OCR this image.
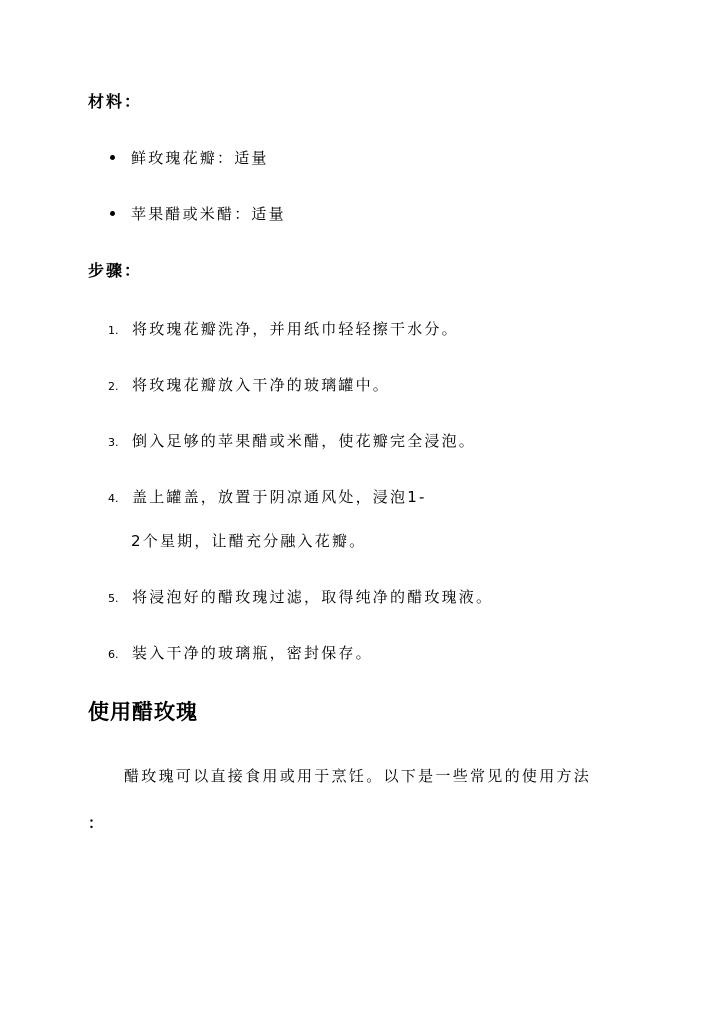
材料：
鲜玫瑰花瓣：适量
苹果醋或米醋：适量
步骤：
1. 将玫瑰花瓣洗净，并用纸巾轻轻擦干水分。
2. 将玫瑰花瓣放入干净的玻璃罐中。
3. 倒入足够的苹果醋或米醋，使花瓣完全浸泡。
4. 盖上罐盖，放置于阴凉通风处，浸泡1-
2个星期，让醋充分融入花瓣。
5. 将浸泡好的醋玫瑰过滤，取得纯净的醋玫瑰液。
6. 装入干净的玻璃瓶，密封保存。
使用醋玫瑰
醋玫瑰可以直接食用或用于烹饪。以下是一些常见的使用方法
：
